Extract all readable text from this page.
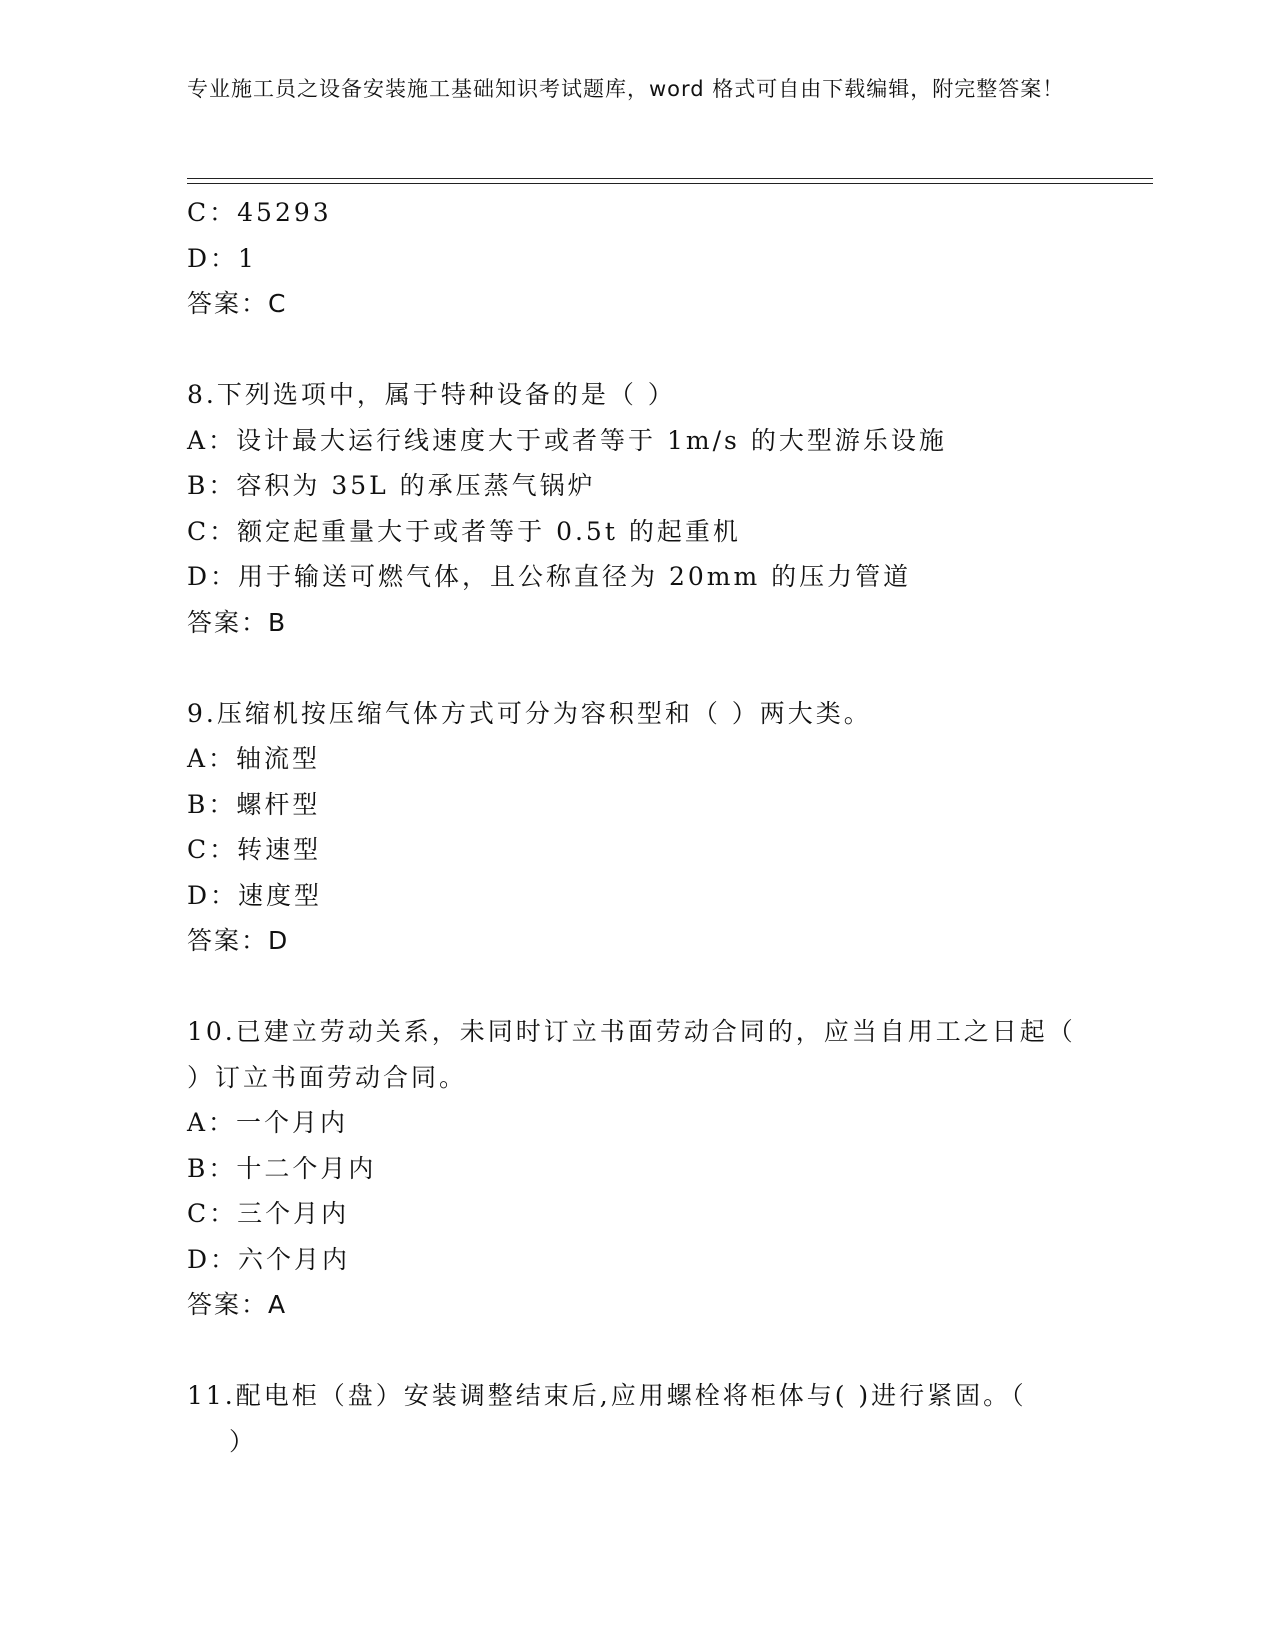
专业施工员之设备安装施工基础知识考试题库，word 格式可自由下载编辑，附完整答案！
C：45293
D：1
答案：C
8.下列选项中，属于特种设备的是（ ）
A：设计最大运行线速度大于或者等于 1m/s 的大型游乐设施
B：容积为 35L 的承压蒸气锅炉
C：额定起重量大于或者等于 0.5t 的起重机
D：用于输送可燃气体，且公称直径为 20mm 的压力管道
答案：B
9.压缩机按压缩气体方式可分为容积型和（ ）两大类。
A：轴流型
B：螺杆型
C：转速型
D：速度型
答案：D
10.已建立劳动关系，未同时订立书面劳动合同的，应当自用工之日起（ ）订立书面劳动合同。
A：一个月内
B：十二个月内
C：三个月内
D：六个月内
答案：A
11.配电柜（盘）安装调整结束后,应用螺栓将柜体与( )进行紧固。（
）
